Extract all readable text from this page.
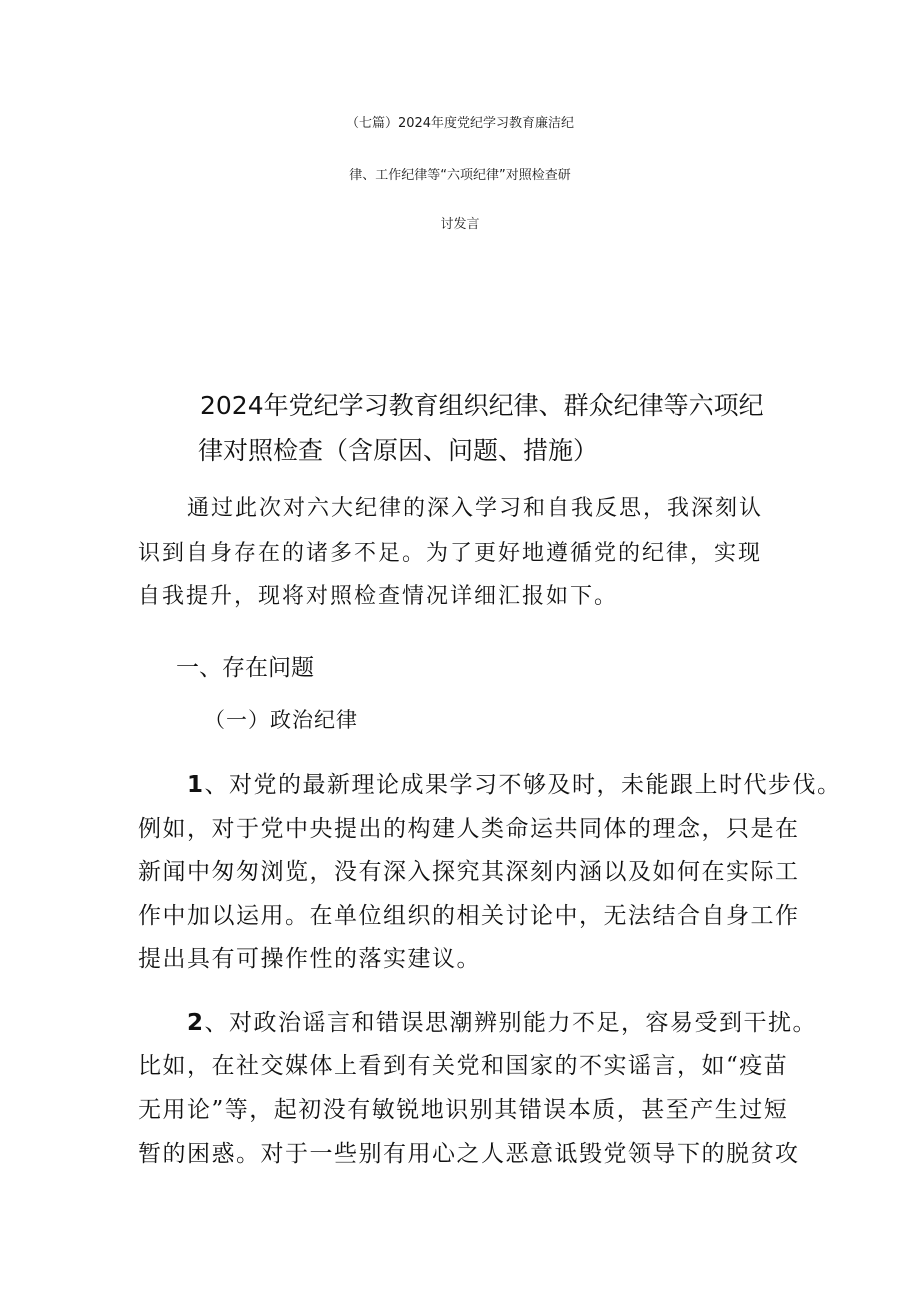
（七篇）2024年度党纪学习教育廉洁纪
律、工作纪律等“六项纪律”对照检查研
讨发言
2024年党纪学习教育组织纪律、群众纪律等六项纪
律对照检查（含原因、问题、措施）
通过此次对六大纪律的深入学习和自我反思，我深刻认
识到自身存在的诸多不足。为了更好地遵循党的纪律，实现
自我提升，现将对照检查情况详细汇报如下。
一、存在问题
（一）政治纪律
1、对党的最新理论成果学习不够及时，未能跟上时代步伐。
例如，对于党中央提出的构建人类命运共同体的理念，只是在
新闻中匆匆浏览，没有深入探究其深刻内涵以及如何在实际工
作中加以运用。在单位组织的相关讨论中，无法结合自身工作
提出具有可操作性的落实建议。
2、对政治谣言和错误思潮辨别能力不足，容易受到干扰。
比如，在社交媒体上看到有关党和国家的不实谣言，如“疫苗
无用论”等，起初没有敏锐地识别其错误本质，甚至产生过短
暂的困惑。对于一些别有用心之人恶意诋毁党领导下的脱贫攻
